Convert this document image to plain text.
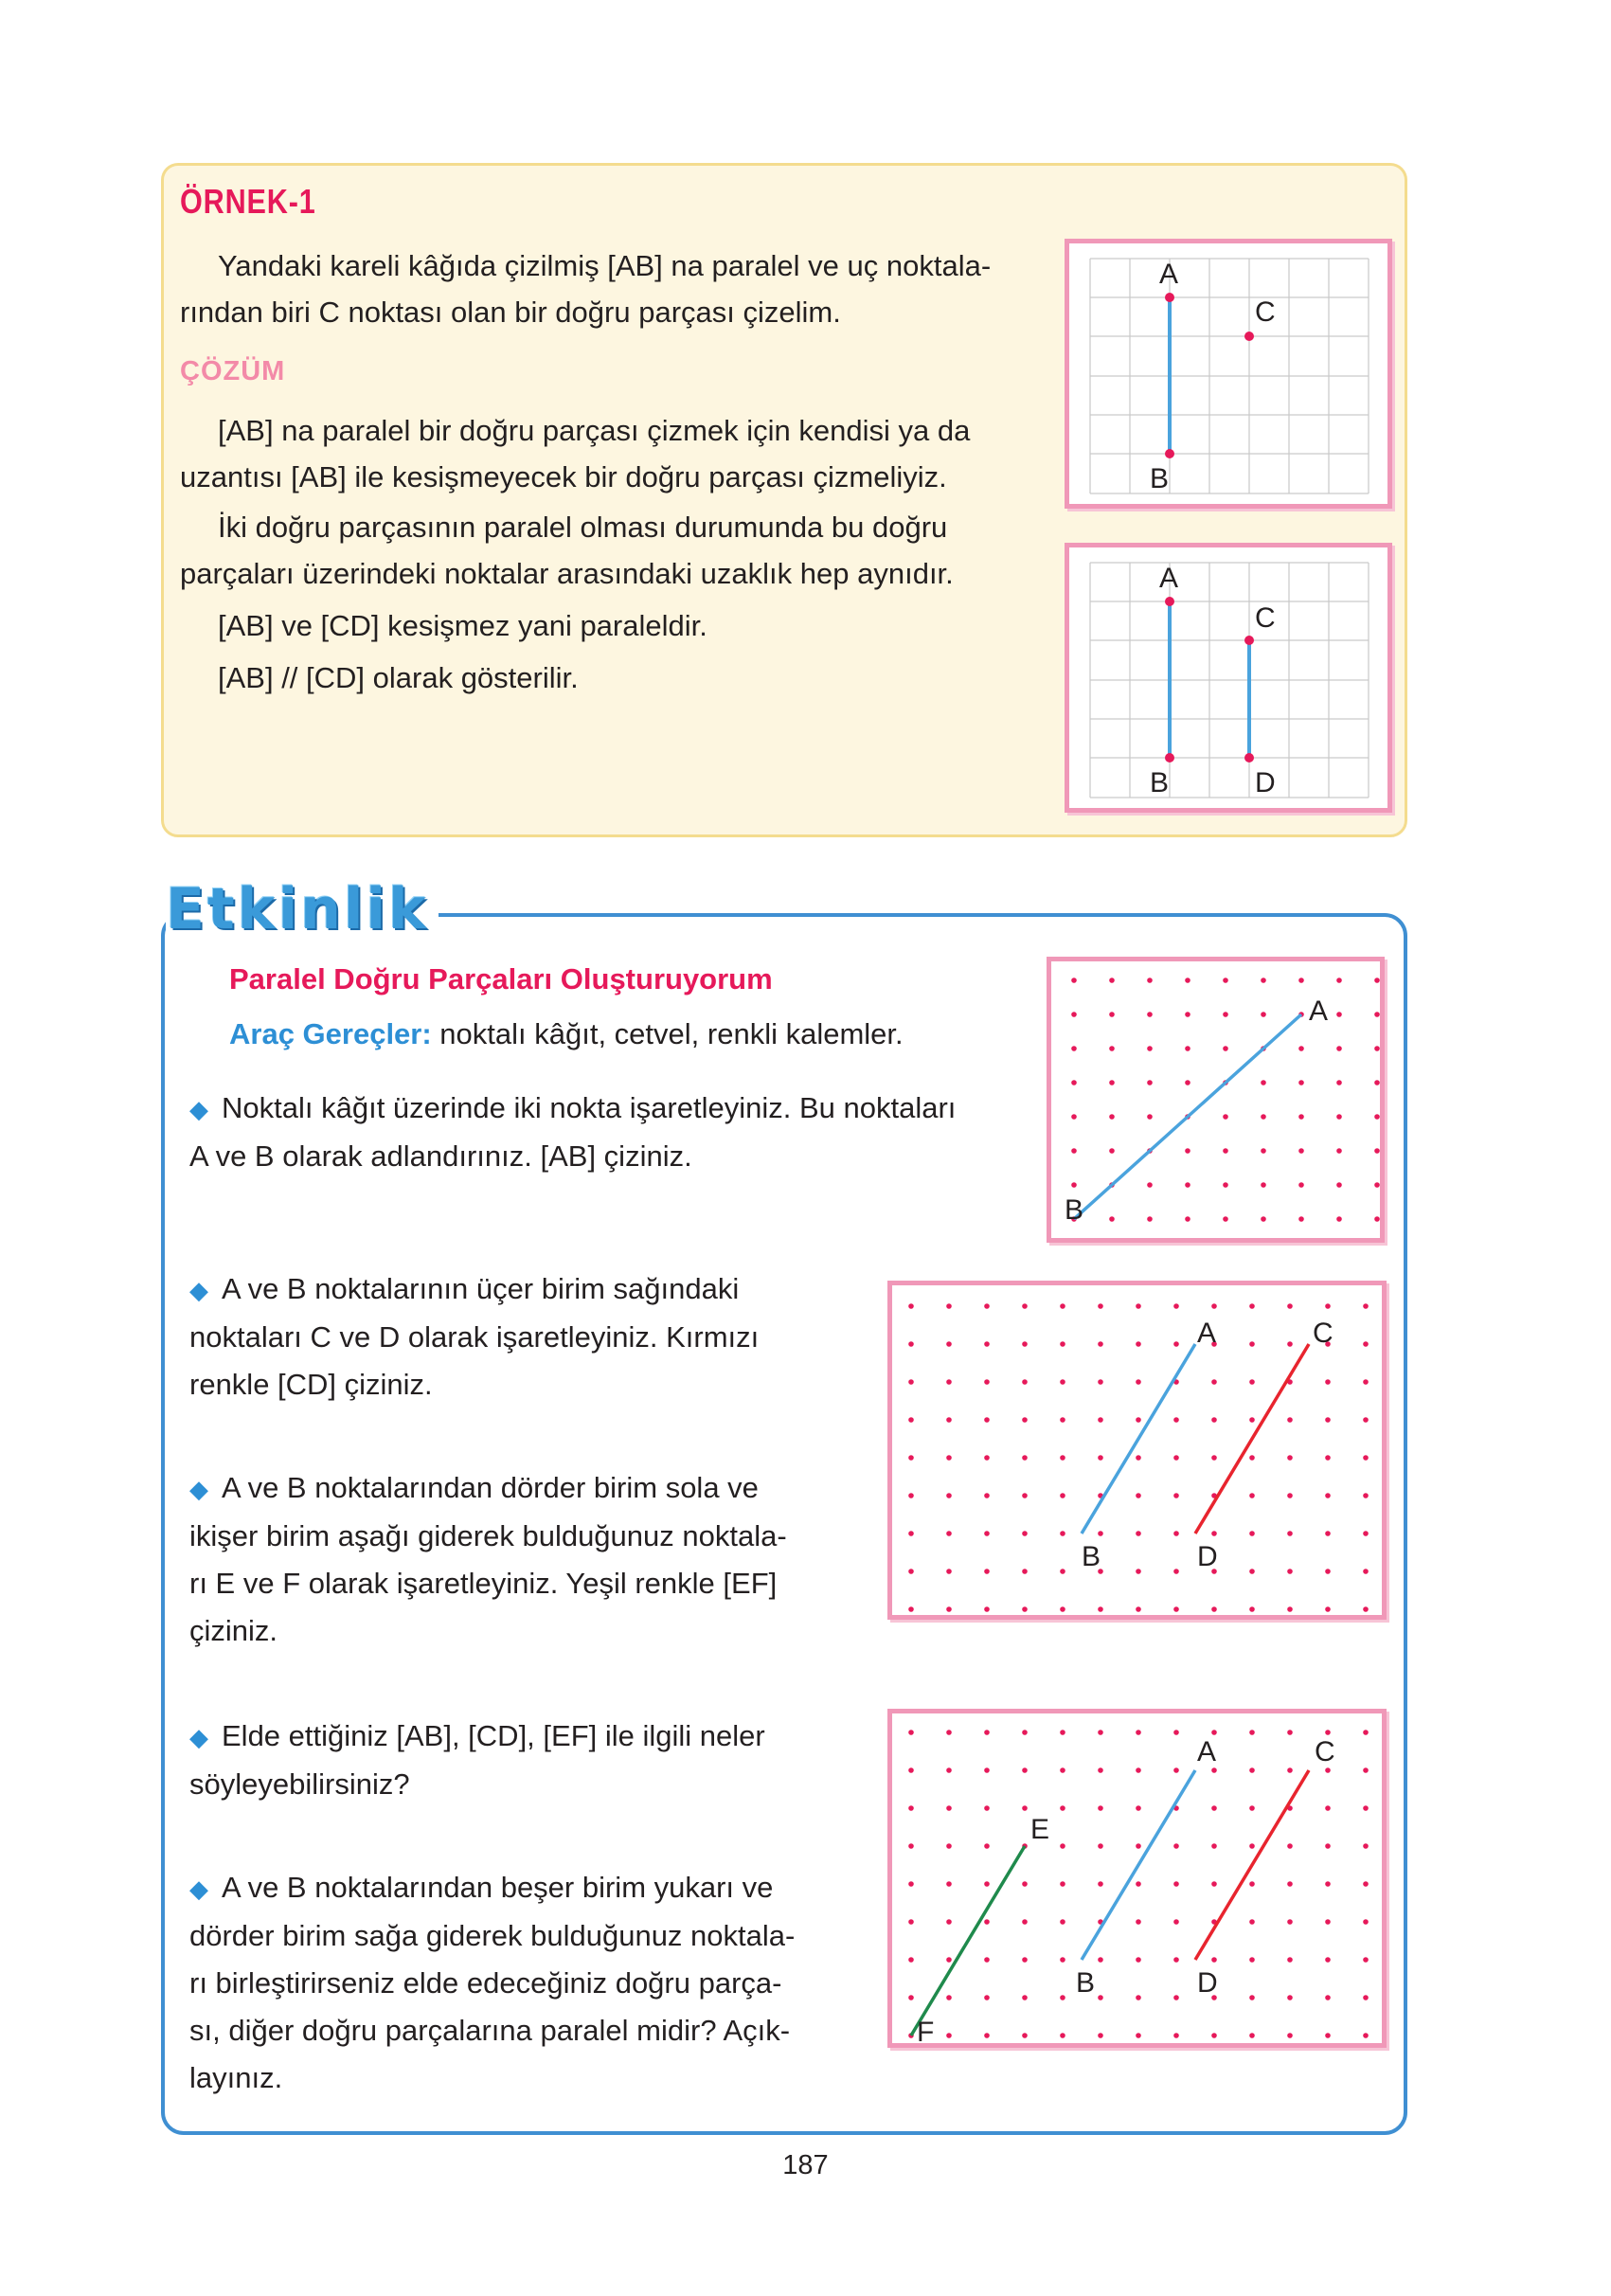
ÖRNEK-1
Yandaki kareli kâğıda çizilmiş [AB] na paralel ve uç noktala-
rından biri C noktası olan bir doğru parçası çizelim.
ÇÖZÜM
[AB] na paralel bir doğru parçası çizmek için kendisi ya da
uzantısı [AB] ile kesişmeyecek bir doğru parçası çizmeliyiz.
İki doğru parçasının paralel olması durumunda bu doğru
parçaları üzerindeki noktalar arasındaki uzaklık hep aynıdır.
[AB] ve [CD] kesişmez yani paraleldir.
[AB] // [CD] olarak gösterilir.
A
B
C
A
B
C
D
Etkinlik
Paralel Doğru Parçaları Oluşturuyorum
Araç Gereçler: noktalı kâğıt, cetvel, renkli kalemler.
◆ Noktalı kâğıt üzerinde iki nokta işaretleyiniz. Bu noktaları
A ve B olarak adlandırınız. [AB] çiziniz.
◆ A ve B noktalarının üçer birim sağındaki
noktaları C ve D olarak işaretleyiniz. Kırmızı
renkle [CD] çiziniz.
◆ A ve B noktalarından dörder birim sola ve
ikişer birim aşağı giderek bulduğunuz noktala-
rı E ve F olarak işaretleyiniz. Yeşil renkle [EF]
çiziniz.
◆ Elde ettiğiniz [AB], [CD], [EF] ile ilgili neler
söyleyebilirsiniz?
◆ A ve B noktalarından beşer birim yukarı ve
dörder birim sağa giderek bulduğunuz noktala-
rı birleştirirseniz elde edeceğiniz doğru parça-
sı, diğer doğru parçalarına paralel midir? Açık-
layınız.
A
B
A	C
B	D
A	C
B	D
E
F
187
